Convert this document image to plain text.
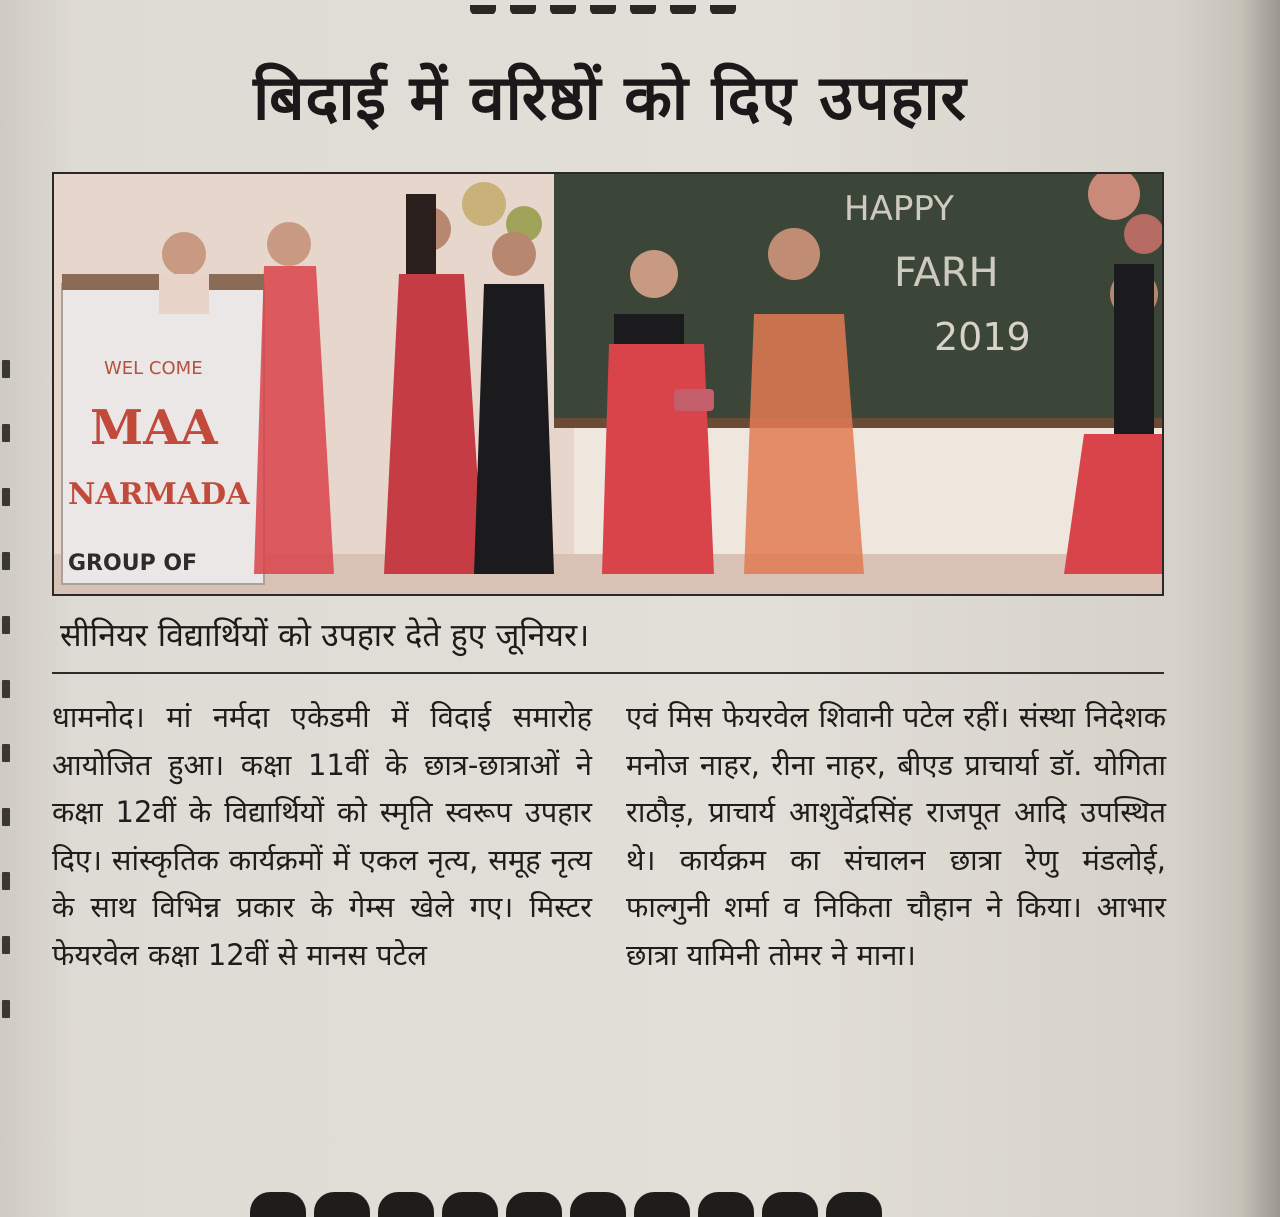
बिदाई में वरिष्ठों को दिए उपहार
HAPPY
FARH
2019
WEL COME
MAA
NARMADA
GROUP OF
सीनियर विद्यार्थियों को उपहार देते हुए जूनियर।

धामनोद। मां नर्मदा एकेडमी में विदाई समारोह आयोजित हुआ। कक्षा 11वीं के छात्र-छात्राओं ने कक्षा 12वीं के विद्यार्थियों को स्मृति स्वरूप उपहार दिए। सांस्कृतिक कार्यक्रमों में एकल नृत्य, समूह नृत्य के साथ विभिन्न प्रकार के गेम्स खेले गए। मिस्टर फेयरवेल कक्षा 12वीं से मानस पटेल

एवं मिस फेयरवेल शिवानी पटेल रहीं। संस्था निदेशक मनोज नाहर, रीना नाहर, बीएड प्राचार्या डॉ. योगिता राठौड़, प्राचार्य आशुवेंद्रसिंह राजपूत आदि उपस्थित थे। कार्यक्रम का संचालन छात्रा रेणु मंडलोई, फाल्गुनी शर्मा व निकिता चौहान ने किया। आभार छात्रा यामिनी तोमर ने माना।
